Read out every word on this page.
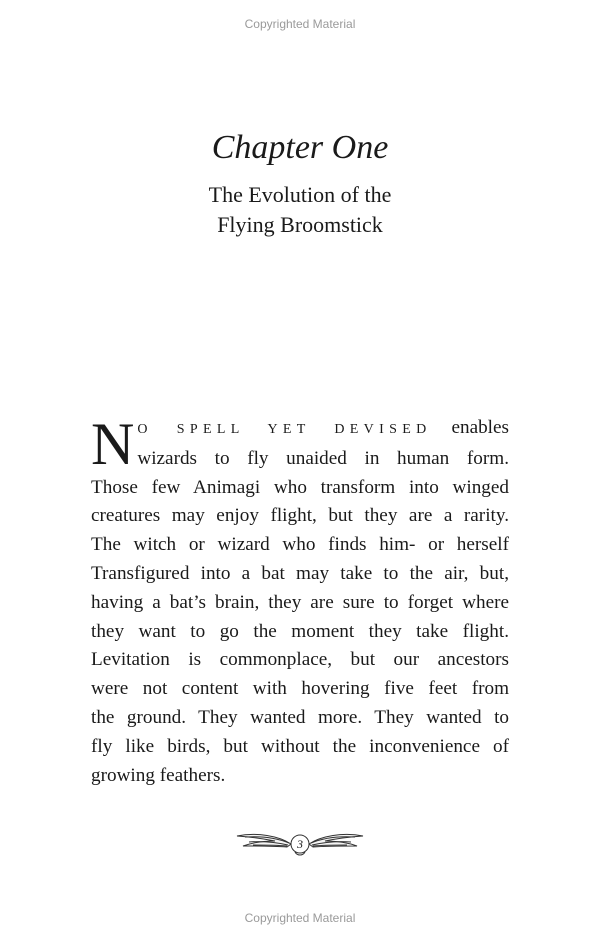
Copyrighted Material
Chapter One
The Evolution of the
Flying Broomstick
N O SPELL YET DEVISED enables
wizards to fly unaided in human form.
Those few Animagi who transform into winged
creatures may enjoy flight, but they are a rarity.
The witch or wizard who finds him- or herself
Transfigured into a bat may take to the air, but,
having a bat’s brain, they are sure to forget where
they want to go the moment they take flight.
Levitation is commonplace, but our ancestors
were not content with hovering five feet from
the ground. They wanted more. They wanted to
fly like birds, but without the inconvenience of
growing feathers.
3
Copyrighted Material
